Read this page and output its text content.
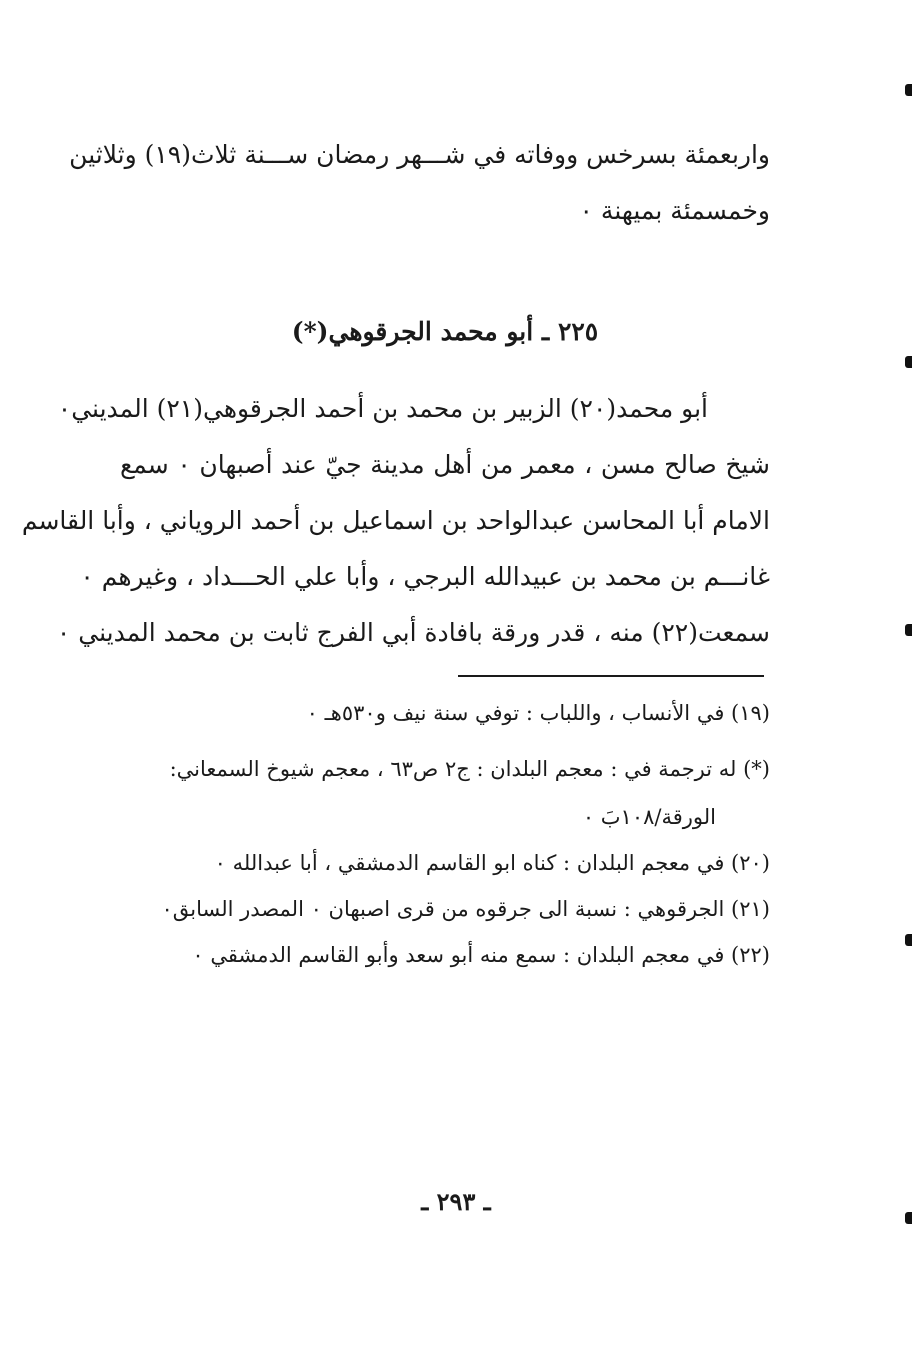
واربعمئة بسرخس ووفاته في شـــهر رمضان ســـنة ثلاث(١٩) وثلاثين
وخمسمئة بميهنة ٠
٢٢٥ ـ أبو محمد الجرقوهي(*)
أبو محمد(٢٠) الزبير بن محمد بن أحمد الجرقوهي(٢١) المديني٠
شيخ صالح مسن ، معمر من أهل مدينة جيّ عند أصبهان ٠ سمع
الامام أبا المحاسن عبدالواحد بن اسماعيل بن أحمد الروياني ، وأبا القاسم
غانـــم بن محمد بن عبيدالله البرجي ، وأبا علي الحـــداد ، وغيرهم ٠
سمعت(٢٢) منه ، قدر ورقة بافادة أبي الفرج ثابت بن محمد المديني ٠
(١٩) في الأنساب ، واللباب : توفي سنة نيف و٥٣٠هـ ٠
(*) له ترجمة في : معجم البلدان : ج٢ ص٦٣ ، معجم شيوخ السمعاني:
الورقة/١٠٨بَ ٠
(٢٠) في معجم البلدان : كناه ابو القاسم الدمشقي ، أبا عبدالله ٠
(٢١) الجرقوهي : نسبة الى جرقوه من قرى اصبهان ٠ المصدر السابق٠
(٢٢) في معجم البلدان : سمع منه أبو سعد وأبو القاسم الدمشقي ٠
ـ ٢٩٣ ـ
